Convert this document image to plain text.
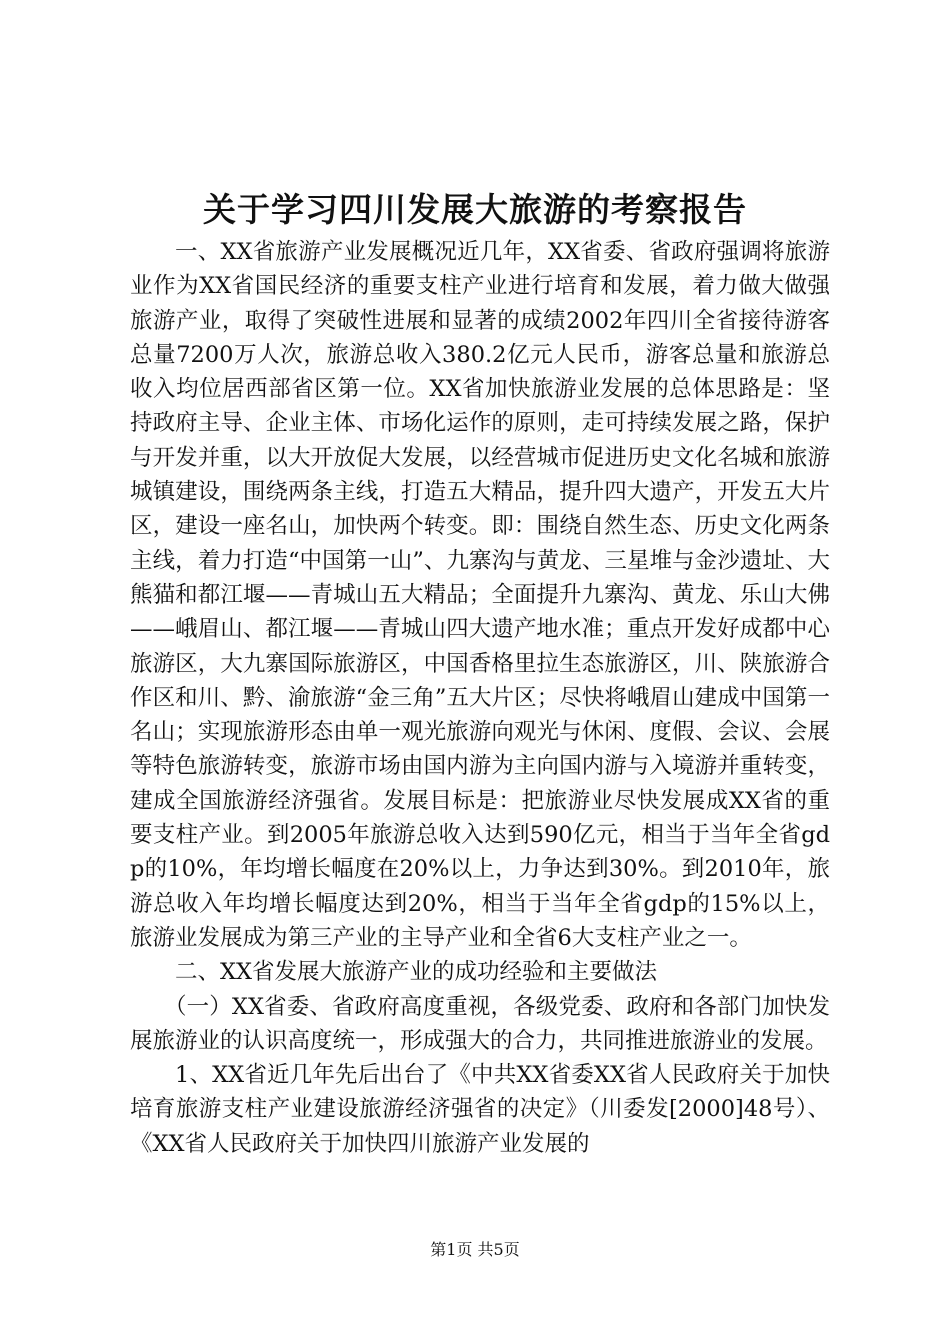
关于学习四川发展大旅游的考察报告

一、XX省旅游产业发展概况近几年，XX省委、省政府强调将旅游业作为XX省国民经济的重要支柱产业进行培育和发展，着力做大做强旅游产业，取得了突破性进展和显著的成绩2002年四川全省接待游客总量7200万人次，旅游总收入380.2亿元人民币，游客总量和旅游总收入均位居西部省区第一位。XX省加快旅游业发展的总体思路是：坚持政府主导、企业主体、市场化运作的原则，走可持续发展之路，保护与开发并重，以大开放促大发展，以经营城市促进历史文化名城和旅游城镇建设，围绕两条主线，打造五大精品，提升四大遗产，开发五大片区，建设一座名山，加快两个转变。即：围绕自然生态、历史文化两条主线，着力打造“中国第一山”、九寨沟与黄龙、三星堆与金沙遗址、大熊猫和都江堰——青城山五大精品；全面提升九寨沟、黄龙、乐山大佛——峨眉山、都江堰——青城山四大遗产地水准；重点开发好成都中心旅游区，大九寨国际旅游区，中国香格里拉生态旅游区，川、陕旅游合作区和川、黔、渝旅游“金三角”五大片区；尽快将峨眉山建成中国第一名山；实现旅游形态由单一观光旅游向观光与休闲、度假、会议、会展等特色旅游转变，旅游市场由国内游为主向国内游与入境游并重转变，建成全国旅游经济强省。发展目标是：把旅游业尽快发展成XX省的重要支柱产业。到2005年旅游总收入达到590亿元，相当于当年全省gdp的10%，年均增长幅度在20%以上，力争达到30%。到2010年，旅游总收入年均增长幅度达到20%，相当于当年全省gdp的15%以上，旅游业发展成为第三产业的主导产业和全省6大支柱产业之一。

二、XX省发展大旅游产业的成功经验和主要做法

（一）XX省委、省政府高度重视，各级党委、政府和各部门加快发展旅游业的认识高度统一，形成强大的合力，共同推进旅游业的发展。

1、XX省近几年先后出台了《中共XX省委XX省人民政府关于加快培育旅游支柱产业建设旅游经济强省的决定》（川委发[2000]48号）、《XX省人民政府关于加快四川旅游产业发展的

第1页 共5页
